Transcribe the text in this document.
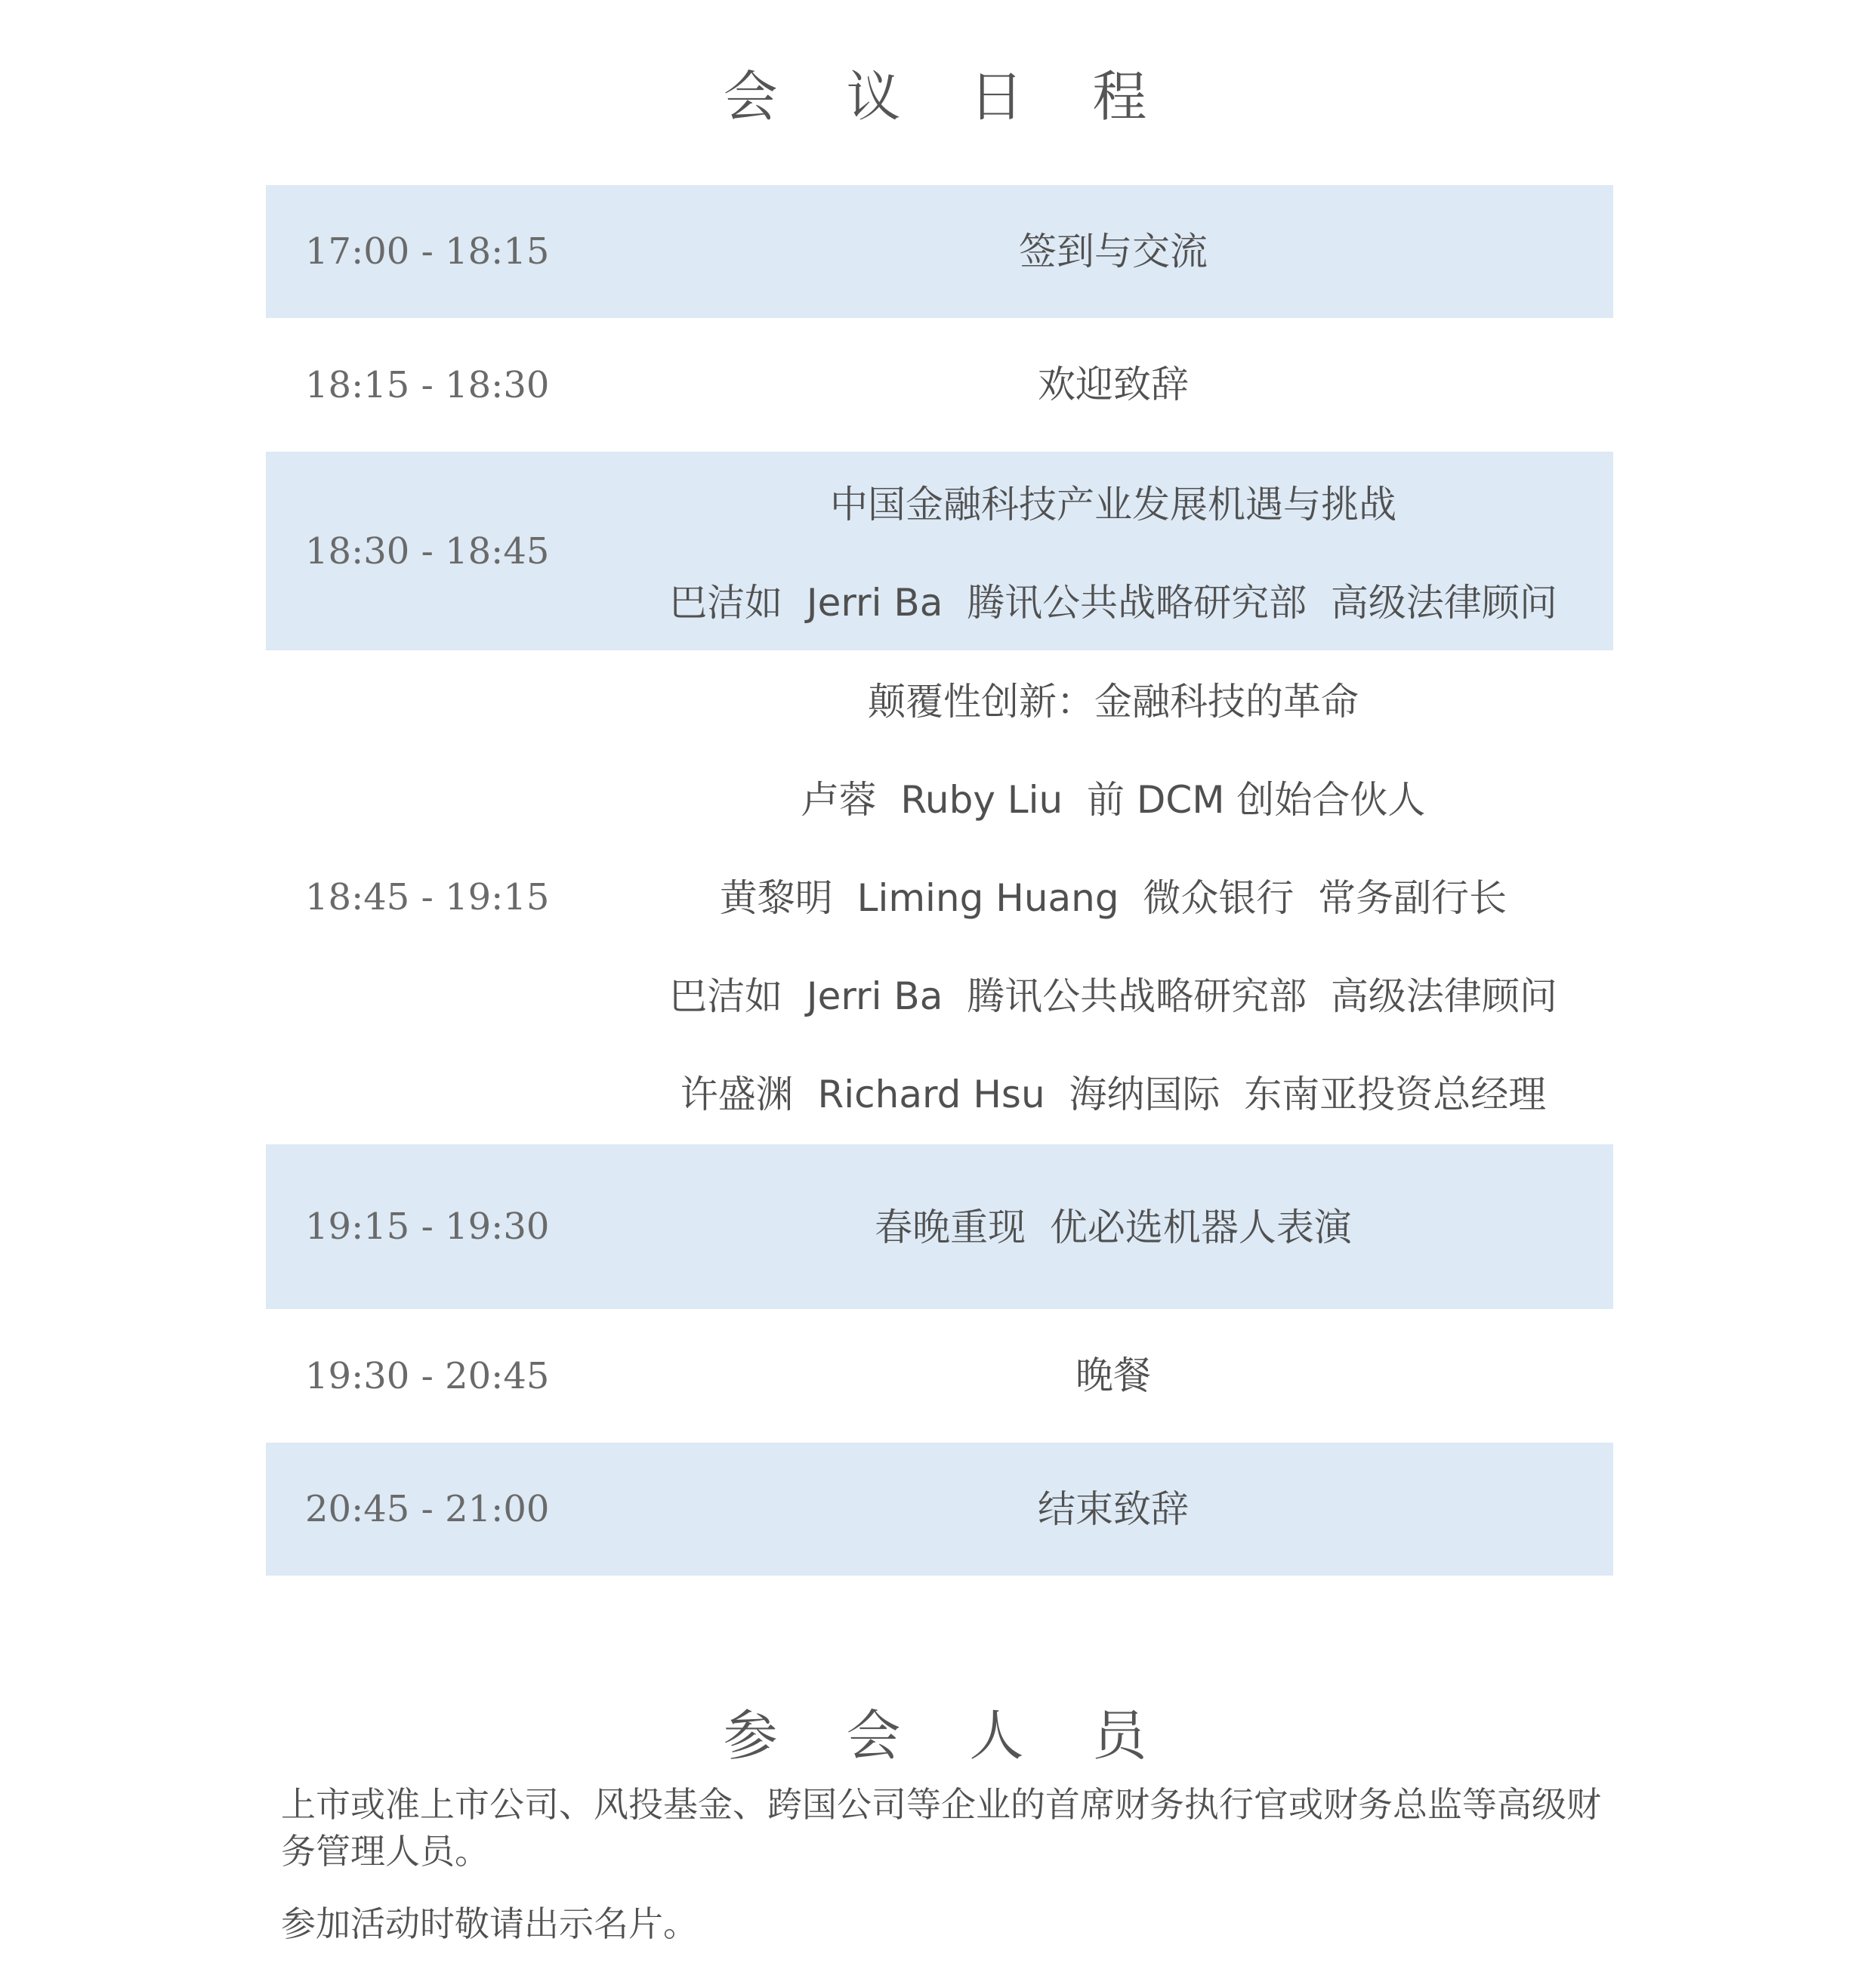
会 议 日 程
17:00 - 18:15	签到与交流
18:15 - 18:30	欢迎致辞
18:30 - 18:45
中国金融科技产业发展机遇与挑战
巴洁如  Jerri Ba  腾讯公共战略研究部  高级法律顾问
18:45 - 19:15
颠覆性创新：金融科技的革命
卢蓉  Ruby Liu  前 DCM 创始合伙人
黄黎明  Liming Huang  微众银行  常务副行长
巴洁如  Jerri Ba  腾讯公共战略研究部  高级法律顾问
许盛渊  Richard Hsu  海纳国际  东南亚投资总经理
19:15 - 19:30	春晚重现  优必选机器人表演
19:30 - 20:45	晚餐
20:45 - 21:00	结束致辞
参 会 人 员
上市或准上市公司、风投基金、跨国公司等企业的首席财务执行官或财务总监等高级财务管理人员。
参加活动时敬请出示名片。
